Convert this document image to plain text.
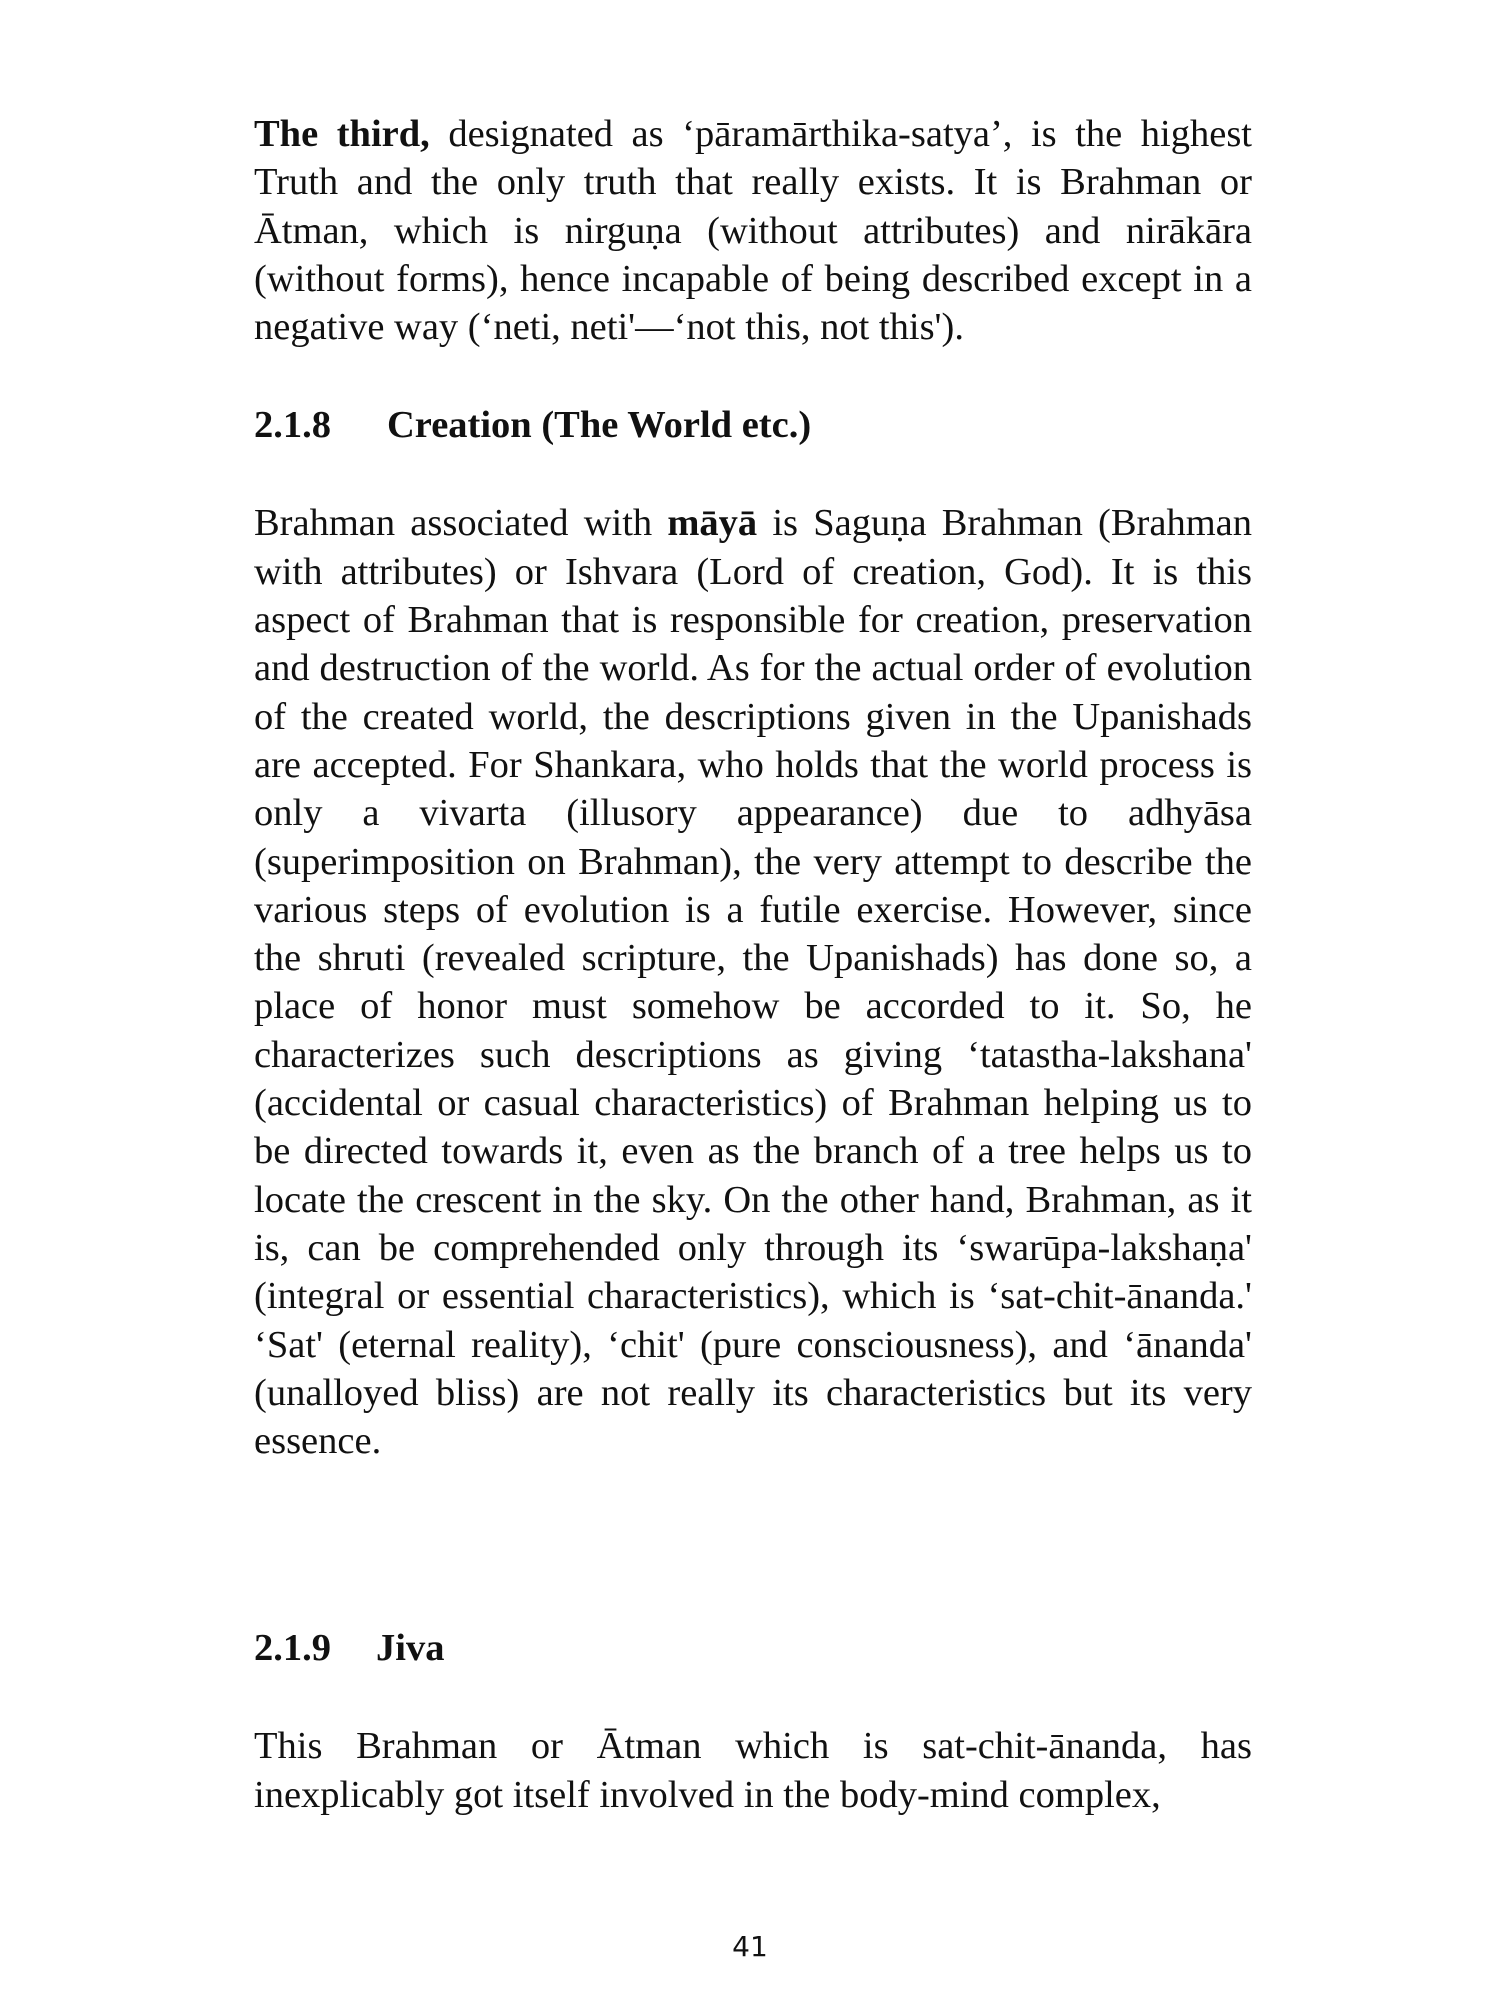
The third, designated as ‘pāramārthika-satya’, is the highest Truth and the only truth that really exists. It is Brahman or Ātman, which is nirguṇa (without attributes) and nirākāra (without forms), hence incapable of being described except in a negative way (‘neti, neti'—‘not this, not this').

2.1.8 Creation (The World etc.)

Brahman associated with māyā is Saguṇa Brahman (Brahman with attributes) or Ishvara (Lord of creation, God). It is this aspect of Brahman that is responsible for creation, preservation and destruction of the world. As for the actual order of evolution of the created world, the descriptions given in the Upanishads are accepted. For Shankara, who holds that the world process is only a vivarta (illusory appearance) due to adhyāsa (superimposition on Brahman), the very attempt to describe the various steps of evolution is a futile exercise. However, since the shruti (revealed scripture, the Upanishads) has done so, a place of honor must somehow be accorded to it. So, he characterizes such descriptions as giving ‘tatastha-lakshana' (accidental or casual characteristics) of Brahman helping us to be directed towards it, even as the branch of a tree helps us to locate the crescent in the sky. On the other hand, Brahman, as it is, can be comprehended only through its ‘swarūpa-lakshaṇa' (integral or essential characteristics), which is ‘sat-chit-ānanda.' ‘Sat' (eternal reality), ‘chit' (pure consciousness), and ‘ānanda' (unalloyed bliss) are not really its characteristics but its very essence.

2.1.9 Jiva

This Brahman or Ātman which is sat-chit-ānanda, has inexplicably got itself involved in the body-mind complex,

41
